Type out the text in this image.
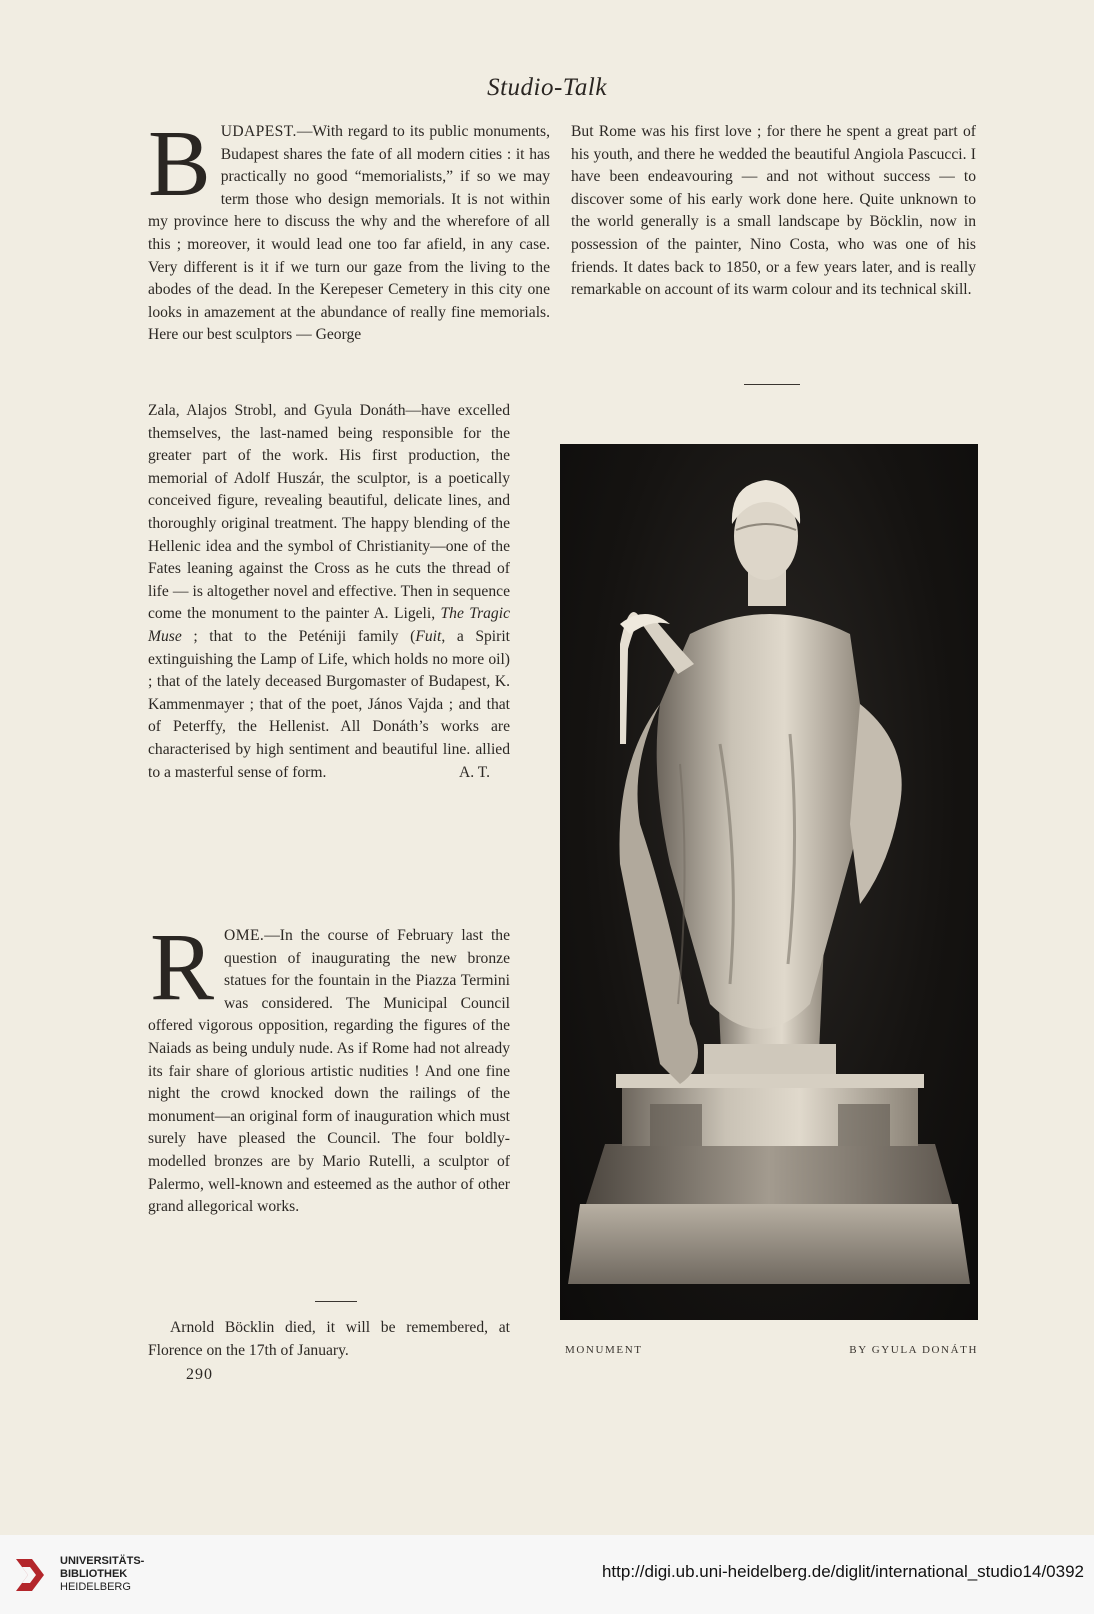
Studio-Talk

BUDAPEST.—With regard to its public monuments, Budapest shares the fate of all modern cities : it has practically no good “memorialists,” if so we may term those who design memorials. It is not within my province here to discuss the why and the wherefore of all this ; moreover, it would lead one too far afield, in any case. Very different is it if we turn our gaze from the living to the abodes of the dead. In the Kerepeser Cemetery in this city one looks in amazement at the abundance of really fine memorials. Here our best sculptors — George

Zala, Alajos Strobl, and Gyula Donáth—have excelled themselves, the last-named being responsible for the greater part of the work. His first production, the memorial of Adolf Huszár, the sculptor, is a poetically conceived figure, revealing beautiful, delicate lines, and thoroughly original treatment. The happy blending of the Hellenic idea and the symbol of Christianity—one of the Fates leaning against the Cross as he cuts the thread of life — is altogether novel and effective. Then in sequence come the monument to the painter A. Ligeli, The Tragic Muse ; that to the Peténiji family (Fuit, a Spirit extinguishing the Lamp of Life, which holds no more oil) ; that of the lately deceased Burgomaster of Budapest, K. Kammenmayer ; that of the poet, János Vajda ; and that of Peterffy, the Hellenist. All Donáth’s works are characterised by high sentiment and beautiful line. allied to a masterful sense of form.	A. T.

ROME.—In the course of February last the question of inaugurating the new bronze statues for the fountain in the Piazza Termini was considered. The Municipal Council offered vigorous opposition, regarding the figures of the Naiads as being unduly nude. As if Rome had not already its fair share of glorious artistic nudities ! And one fine night the crowd knocked down the railings of the monument—an original form of inauguration which must surely have pleased the Council. The four boldly-modelled bronzes are by Mario Rutelli, a sculptor of Palermo, well-known and esteemed as the author of other grand allegorical works.

Arnold Böcklin died, it will be remembered, at Florence on the 17th of January.

But Rome was his first love ; for there he spent a great part of his youth, and there he wedded the beautiful Angiola Pascucci. I have been endeavouring — and not without success — to discover some of his early work done here. Quite unknown to the world generally is a small landscape by Böcklin, now in possession of the painter, Nino Costa, who was one of his friends. It dates back to 1850, or a few years later, and is really remarkable on account of its warm colour and its technical skill.

MONUMENT	BY GYULA DONÁTH
290
UNIVERSITÄTS-
BIBLIOTHEK
HEIDELBERG
http://digi.ub.uni-heidelberg.de/diglit/international_studio14/0392
